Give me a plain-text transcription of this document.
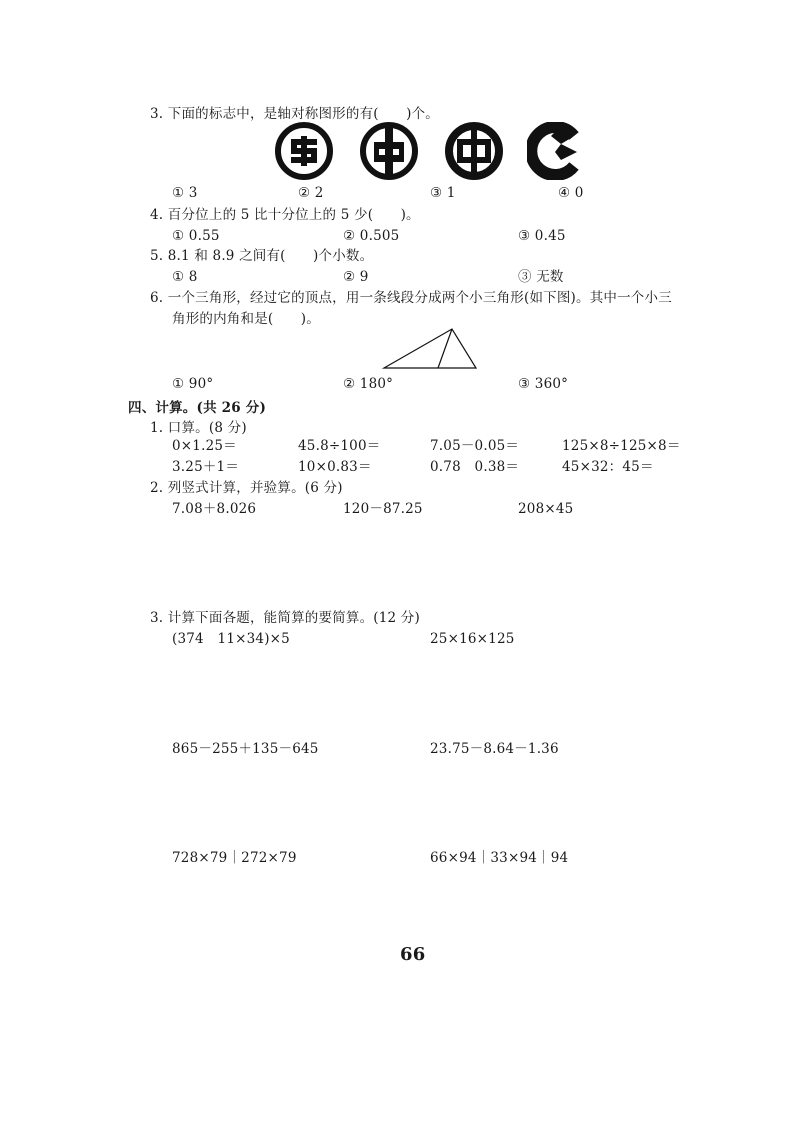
3. 下面的标志中，是轴对称图形的有(　　)个。
① 3	② 2	③ 1	④ 0
4. 百分位上的 5 比十分位上的 5 少(　　)。
① 0.55	② 0.505	③ 0.45
5. 8.1 和 8.9 之间有(　　)个小数。
① 8	② 9	③ 无数
6. 一个三角形，经过它的顶点，用一条线段分成两个小三角形(如下图)。其中一个小三
角形的内角和是(　　)。
① 90°	② 180°	③ 360°
四、计算。(共 26 分)
1. 口算。(8 分)
0×1.25＝	45.8÷100＝	7.05－0.05＝	125×8÷125×8＝
3.25＋1＝	10×0.83＝	0.78　0.38＝	45×32：45＝
2. 列竖式计算，并验算。(6 分)
7.08＋8.026	120－87.25	208×45
3. 计算下面各题，能简算的要简算。(12 分)
(374　11×34)×5	25×16×125
865－255＋135－645	23.75－8.64－1.36
728×79｜272×79	66×94｜33×94｜94
66
